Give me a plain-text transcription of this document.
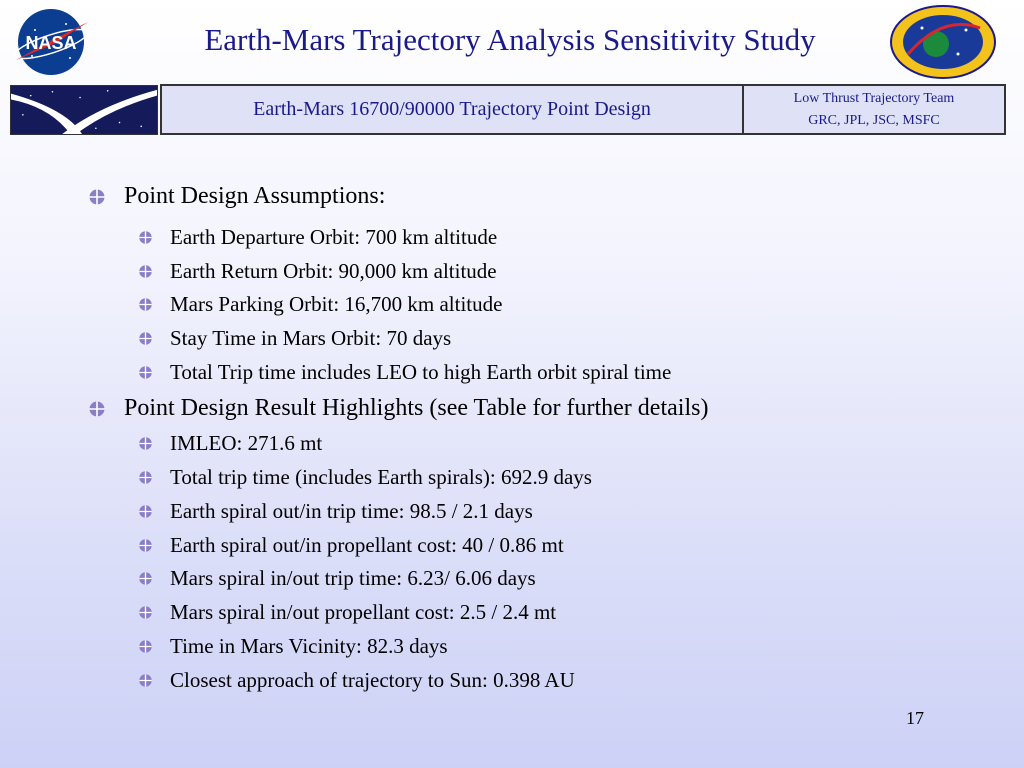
NASA	Earth-Mars Trajectory Analysis Sensitivity Study
Earth-Mars 16700/90000 Trajectory Point Design	Low Thrust Trajectory Team
GRC, JPL, JSC, MSFC
Point Design Assumptions:
Earth Departure Orbit: 700 km altitude
Earth Return Orbit: 90,000 km altitude
Mars Parking Orbit: 16,700 km altitude
Stay Time in Mars Orbit: 70 days
Total Trip time includes LEO to high Earth orbit spiral time
Point Design Result Highlights (see Table for further details)
IMLEO: 271.6 mt
Total trip time (includes Earth spirals): 692.9 days
Earth spiral out/in trip time: 98.5 / 2.1 days
Earth spiral out/in propellant cost: 40 / 0.86 mt
Mars spiral in/out trip time: 6.23/ 6.06 days
Mars spiral in/out propellant cost: 2.5 / 2.4 mt
Time in Mars Vicinity: 82.3 days
Closest approach of trajectory to Sun: 0.398 AU
17
